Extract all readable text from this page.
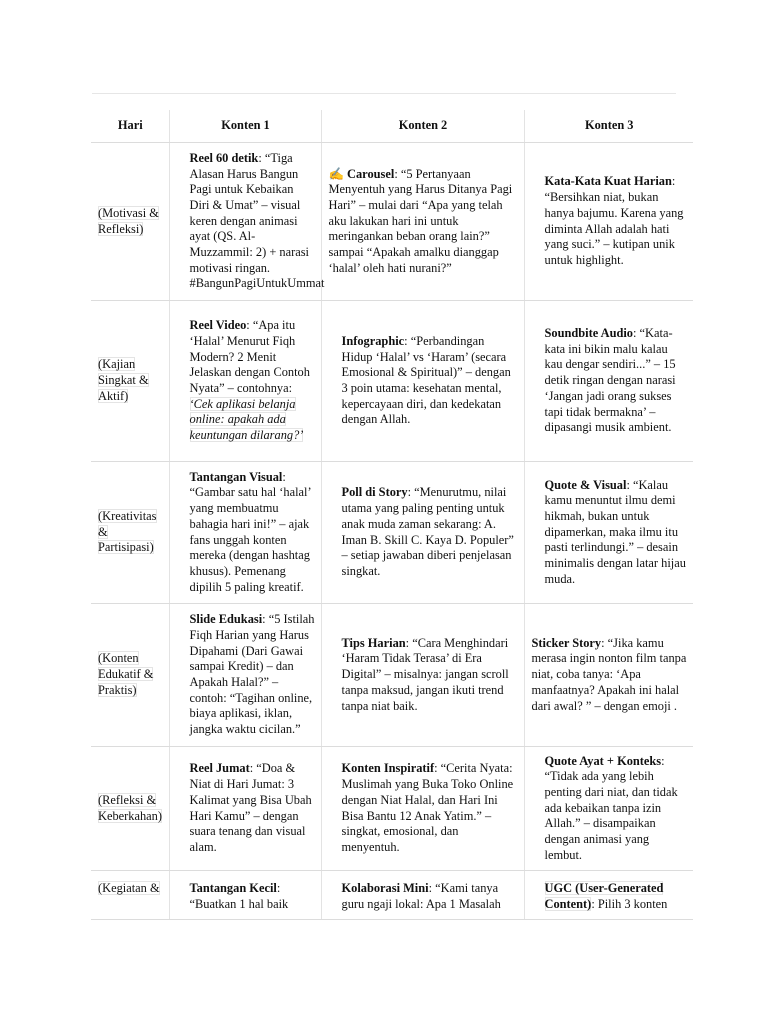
Hari	Konten 1	Konten 2	Konten 3
(Motivasi & Refleksi)	Reel 60 detik: “Tiga Alasan Harus Bangun Pagi untuk Kebaikan Diri & Umat” – visual keren dengan animasi ayat (QS. Al-Muzzammil: 2) + narasi motivasi ringan. #BangunPagiUntukUmmat	✍ Carousel: “5 Pertanyaan Menyentuh yang Harus Ditanya Pagi Hari” – mulai dari “Apa yang telah aku lakukan hari ini untuk meringankan beban orang lain?” sampai “Apakah amalku dianggap ‘halal’ oleh hati nurani?”	Kata-Kata Kuat Harian: “Bersihkan niat, bukan hanya bajumu. Karena yang diminta Allah adalah hati yang suci.” – kutipan unik untuk highlight.

(Kajian Singkat & Aktif)	Reel Video: “Apa itu ‘Halal’ Menurut Fiqh Modern? 2 Menit Jelaskan dengan Contoh Nyata” – contohnya: ‘Cek aplikasi belanja online: apakah ada keuntungan dilarang?’	Infographic: “Perbandingan Hidup ‘Halal’ vs ‘Haram’ (secara Emosional & Spiritual)” – dengan 3 poin utama: kesehatan mental, kepercayaan diri, dan kedekatan dengan Allah.	Soundbite Audio: “Kata-kata ini bikin malu kalau kau dengar sendiri...” – 15 detik ringan dengan narasi ‘Jangan jadi orang sukses tapi tidak bermakna’ – dipasangi musik ambient.

(Kreativitas & Partisipasi)	Tantangan Visual: “Gambar satu hal ‘halal’ yang membuatmu bahagia hari ini!” – ajak fans unggah konten mereka (dengan hashtag khusus). Pemenang dipilih 5 paling kreatif.	Poll di Story: “Menurutmu, nilai utama yang paling penting untuk anak muda zaman sekarang: A. Iman B. Skill C. Kaya D. Populer” – setiap jawaban diberi penjelasan singkat.	Quote & Visual: “Kalau kamu menuntut ilmu demi hikmah, bukan untuk dipamerkan, maka ilmu itu pasti terlindungi.” – desain minimalis dengan latar hijau muda.

(Konten Edukatif & Praktis)	Slide Edukasi: “5 Istilah Fiqh Harian yang Harus Dipahami (Dari Gawai sampai Kredit) – dan Apakah Halal?” – contoh: “Tagihan online, biaya aplikasi, iklan, jangka waktu cicilan.”	Tips Harian: “Cara Menghindari ‘Haram Tidak Terasa’ di Era Digital” – misalnya: jangan scroll tanpa maksud, jangan ikuti trend tanpa niat baik.	Sticker Story: “Jika kamu merasa ingin nonton film tanpa niat, coba tanya: ‘Apa manfaatnya? Apakah ini halal dari awal? ” – dengan emoji .
(Refleksi & Keberkahan)	Reel Jumat: “Doa & Niat di Hari Jumat: 3 Kalimat yang Bisa Ubah Hari Kamu” – dengan suara tenang dan visual alam.	Konten Inspiratif: “Cerita Nyata: Muslimah yang Buka Toko Online dengan Niat Halal, dan Hari Ini Bisa Bantu 12 Anak Yatim.” – singkat, emosional, dan menyentuh.	Quote Ayat + Konteks: “Tidak ada yang lebih penting dari niat, dan tidak ada kebaikan tanpa izin Allah.” – disampaikan dengan animasi yang lembut.

(Kegiatan &	Tantangan Kecil: “Buatkan 1 hal baik	Kolaborasi Mini: “Kami tanya guru ngaji lokal: Apa 1 Masalah	UGC (User-Generated Content): Pilih 3 konten
